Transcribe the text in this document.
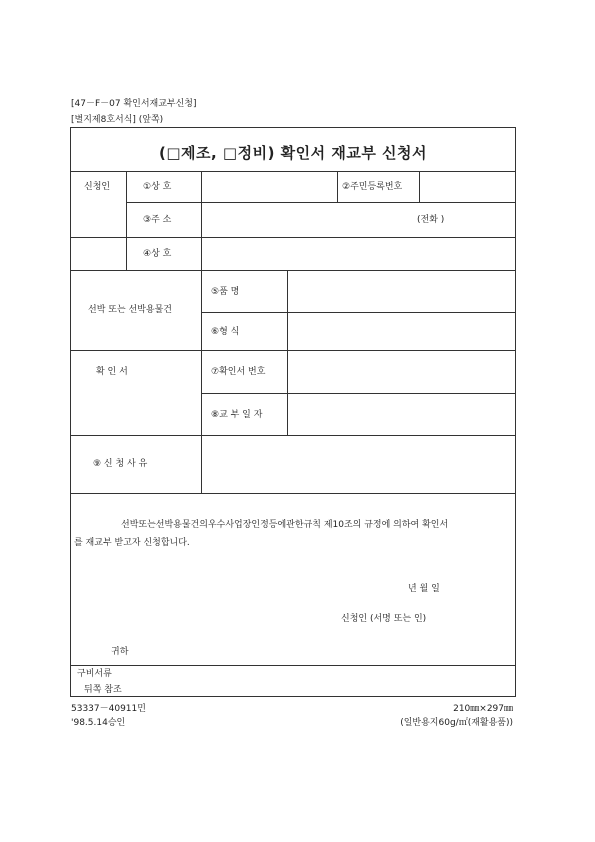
[47－F－07 확인서재교부신청]
[별지제8호서식] (앞쪽)
(□제조, □정비) 확인서 재교부 신청서
신청인	①상 호	②주민등록번호
③주 소	(전화 )
④상 호
선박 또는 선박용물건
⑤품 명
⑥형 식
확 인 서	⑦확인서 번호
⑧교 부 일 자
⑨ 신 청 사 유
선박또는선박용물건의우수사업장인정등에관한규칙 제10조의 규정에 의하여 확인서
를 재교부 받고자 신청합니다.
년 월 일
신청인 (서명 또는 인)
귀하
구비서류
뒤쪽 참조
53337－40911민
'98.5.14승인
210㎜×297㎜
(일반용지60g/㎡(재활용품))
